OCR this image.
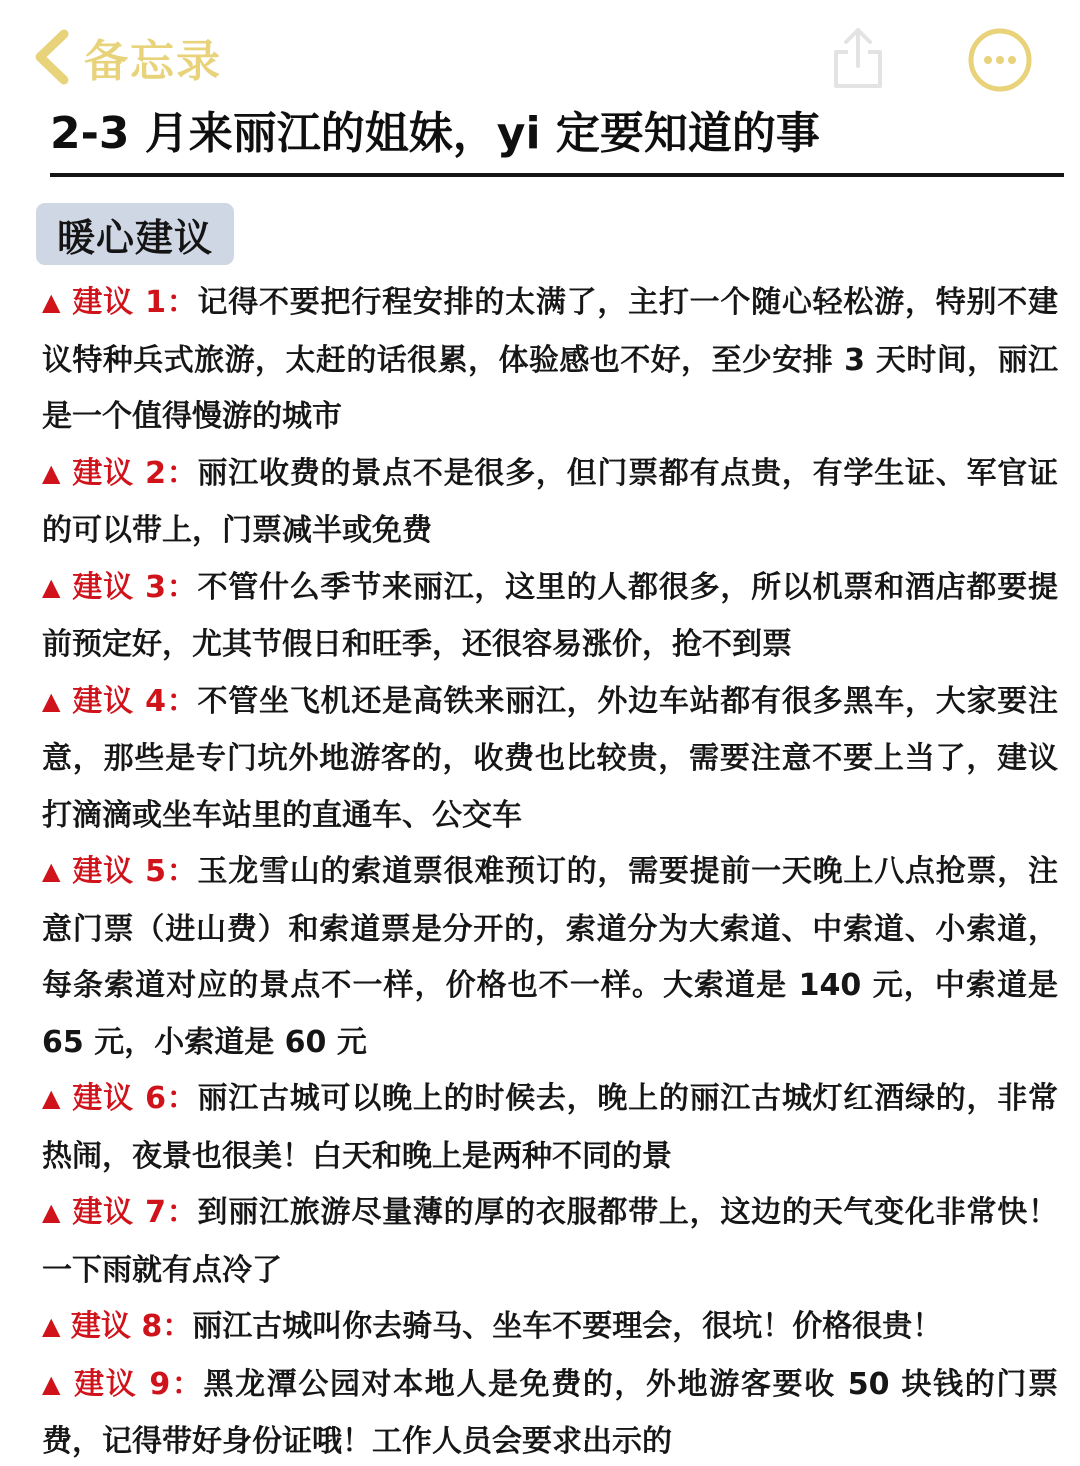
备忘录
2-3 月来丽江的姐妹，yi 定要知道的事
暖心建议
▲ 建议 1：记得不要把行程安排的太满了，主打一个随心轻松游，特别不建议特种兵式旅游，太赶的话很累，体验感也不好，至少安排 3 天时间，丽江是一个值得慢游的城市
▲ 建议 2：丽江收费的景点不是很多，但门票都有点贵，有学生证、军官证的可以带上，门票减半或免费
▲ 建议 3：不管什么季节来丽江，这里的人都很多，所以机票和酒店都要提前预定好，尤其节假日和旺季，还很容易涨价，抢不到票
▲ 建议 4：不管坐飞机还是高铁来丽江，外边车站都有很多黑车，大家要注意，那些是专门坑外地游客的，收费也比较贵，需要注意不要上当了，建议打滴滴或坐车站里的直通车、公交车
▲ 建议 5：玉龙雪山的索道票很难预订的，需要提前一天晚上八点抢票，注意门票（进山费）和索道票是分开的，索道分为大索道、中索道、小索道，每条索道对应的景点不一样，价格也不一样。大索道是 140 元，中索道是 65 元，小索道是 60 元
▲ 建议 6：丽江古城可以晚上的时候去，晚上的丽江古城灯红酒绿的，非常热闹，夜景也很美！白天和晚上是两种不同的景
▲ 建议 7：到丽江旅游尽量薄的厚的衣服都带上，这边的天气变化非常快！一下雨就有点冷了
▲ 建议 8：丽江古城叫你去骑马、坐车不要理会，很坑！价格很贵！
▲ 建议 9：黑龙潭公园对本地人是免费的，外地游客要收 50 块钱的门票费，记得带好身份证哦！工作人员会要求出示的
